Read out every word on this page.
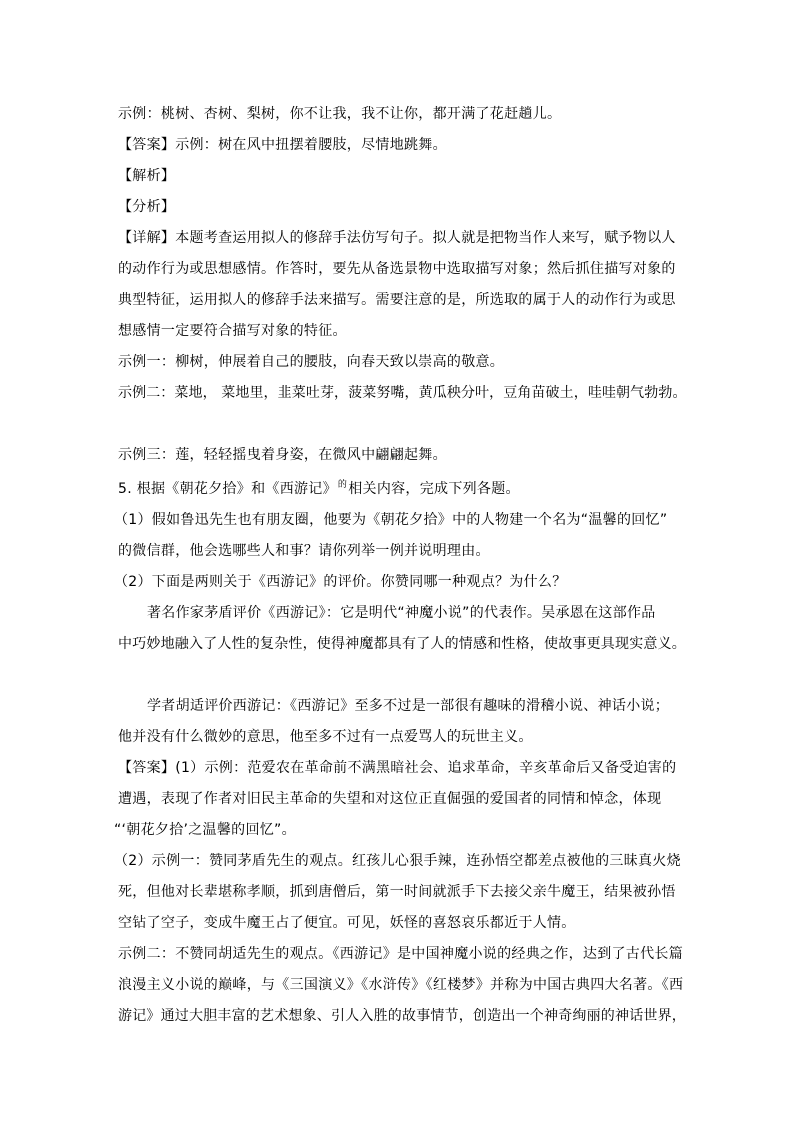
示例：桃树、杏树、梨树，你不让我，我不让你，都开满了花赶趟儿。
【答案】示例：树在风中扭摆着腰肢，尽情地跳舞。
【解析】
【分析】
【详解】本题考查运用拟人的修辞手法仿写句子。拟人就是把物当作人来写，赋予物以人
的动作行为或思想感情。作答时，要先从备选景物中选取描写对象；然后抓住描写对象的
典型特征，运用拟人的修辞手法来描写。需要注意的是，所选取的属于人的动作行为或思
想感情一定要符合描写对象的特征。
示例一：柳树，伸展着自己的腰肢，向春天致以崇高的敬意。
示例二：菜地， 菜地里，韭菜吐芽，菠菜努嘴，黄瓜秧分叶，豆角苗破土，哇哇朝气勃勃。
示例三：莲，轻轻摇曳着身姿，在微风中翩翩起舞。
5. 根据《朝花夕拾》和《西游记》$^的$相关内容，完成下列各题。
（1）假如鲁迅先生也有朋友圈，他要为《朝花夕拾》中的人物建一个名为“温馨的回忆”
的微信群，他会选哪些人和事？请你列举一例并说明理由。
（2）下面是两则关于《西游记》的评价。你赞同哪一种观点？为什么？
著名作家茅盾评价《西游记》：它是明代“神魔小说”的代表作。吴承恩在这部作品
中巧妙地融入了人性的复杂性，使得神魔都具有了人的情感和性格，使故事更具现实意义。
学者胡适评价西游记：《西游记》至多不过是一部很有趣味的滑稽小说、神话小说；
他并没有什么微妙的意思，他至多不过有一点爱骂人的玩世主义。
【答案】(1）示例：范爱农在革命前不满黑暗社会、追求革命，辛亥革命后又备受迫害的
遭遇，表现了作者对旧民主革命的失望和对这位正直倔强的爱国者的同情和悼念，体现
“‘朝花夕拾’之温馨的回忆”。
（2）示例一：赞同茅盾先生的观点。红孩儿心狠手辣，连孙悟空都差点被他的三昧真火烧
死，但他对长辈堪称孝顺，抓到唐僧后，第一时间就派手下去接父亲牛魔王，结果被孙悟
空钻了空子，变成牛魔王占了便宜。可见，妖怪的喜怒哀乐都近于人情。
示例二：不赞同胡适先生的观点。《西游记》是中国神魔小说的经典之作，达到了古代长篇
浪漫主义小说的巅峰，与《三国演义》《水浒传》《红楼梦》并称为中国古典四大名著。《西
游记》通过大胆丰富的艺术想象、引人入胜的故事情节，创造出一个神奇绚丽的神话世界，
